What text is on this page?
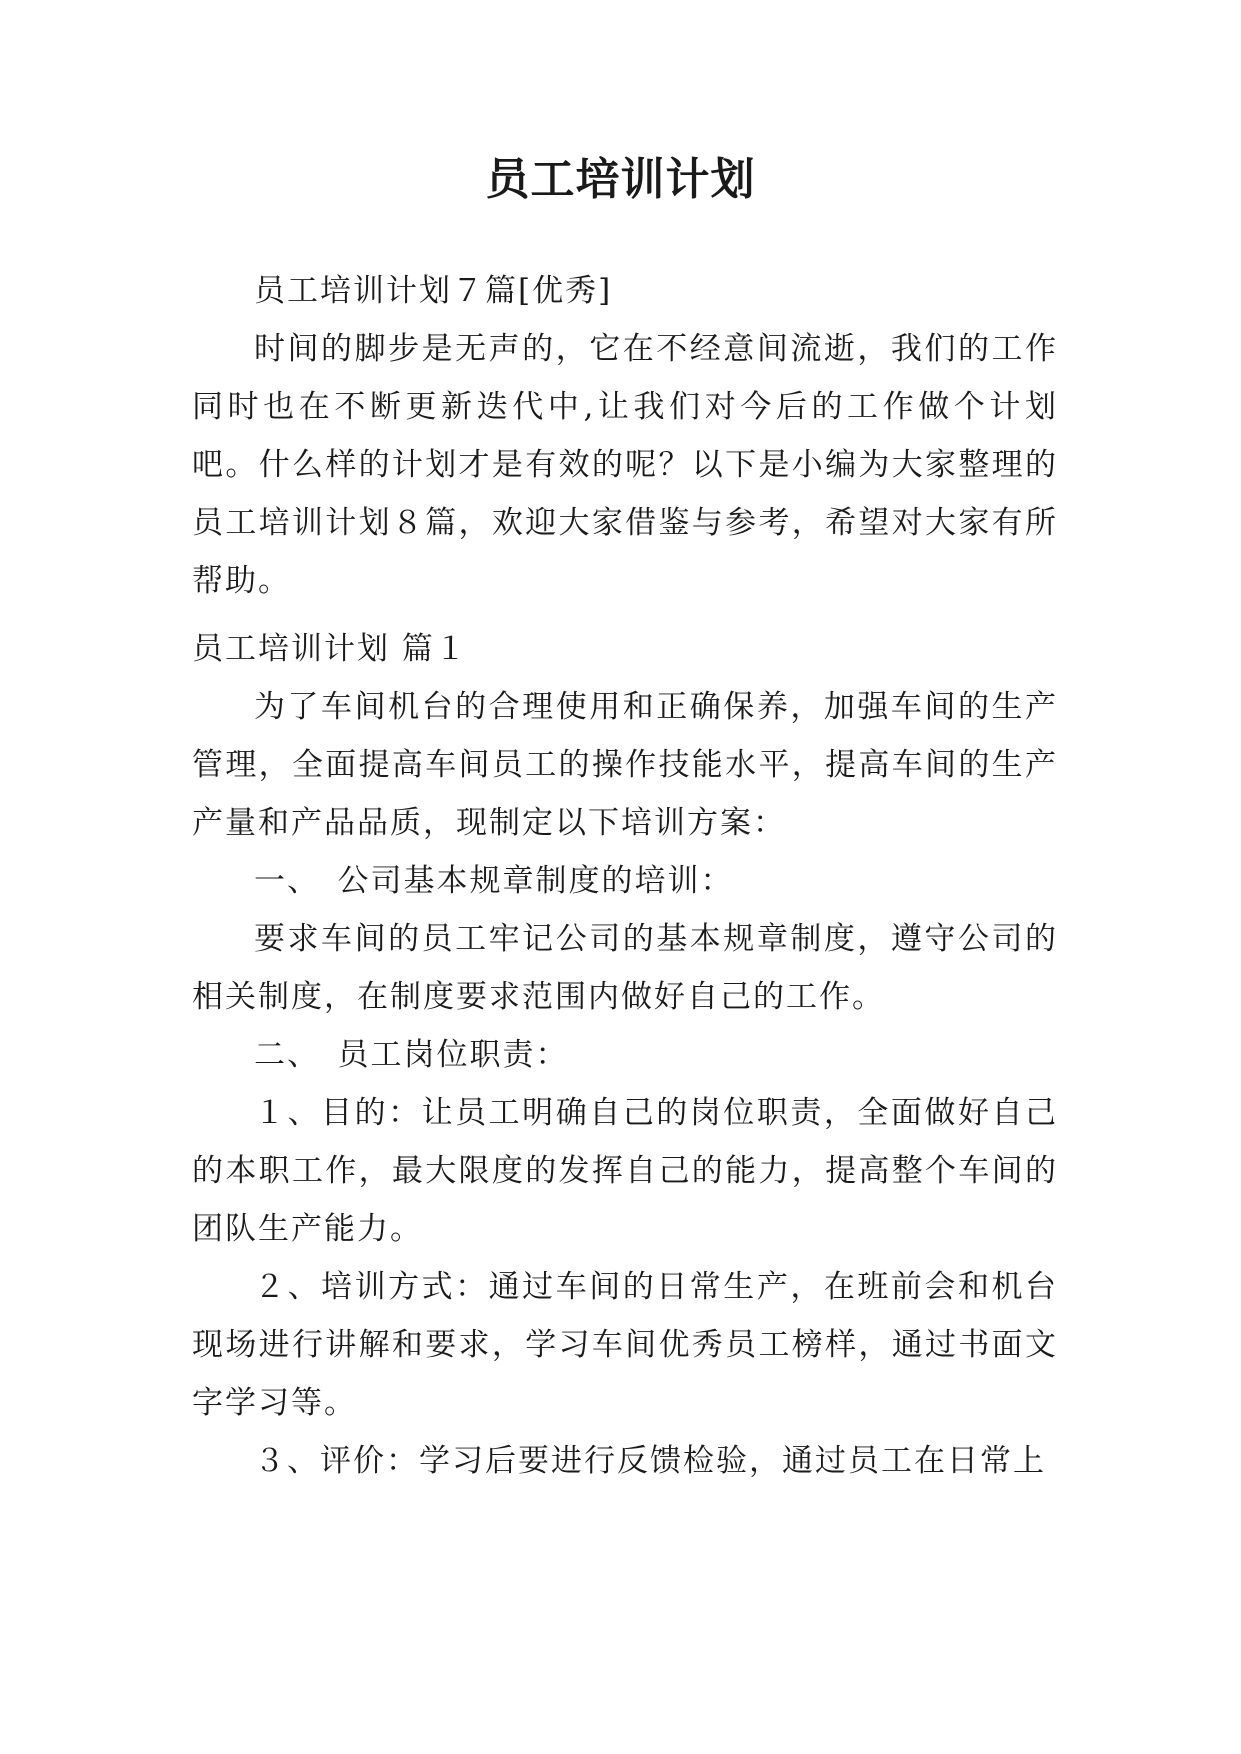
员工培训计划

员工培训计划７篇[优秀]

时间的脚步是无声的，它在不经意间流逝，我们的工作同时也在不断更新迭代中,让我们对今后的工作做个计划吧。什么样的计划才是有效的呢？以下是小编为大家整理的员工培训计划８篇，欢迎大家借鉴与参考，希望对大家有所帮助。

员工培训计划 篇１

为了车间机台的合理使用和正确保养，加强车间的生产管理，全面提高车间员工的操作技能水平，提高车间的生产产量和产品品质，现制定以下培训方案：

一、　公司基本规章制度的培训：

要求车间的员工牢记公司的基本规章制度，遵守公司的相关制度，在制度要求范围内做好自己的工作。

二、　员工岗位职责：

１、目的：让员工明确自己的岗位职责，全面做好自己的本职工作，最大限度的发挥自己的能力，提高整个车间的团队生产能力。

２、培训方式：通过车间的日常生产，在班前会和机台现场进行讲解和要求，学习车间优秀员工榜样，通过书面文字学习等。

３、评价：学习后要进行反馈检验，通过员工在日常上
